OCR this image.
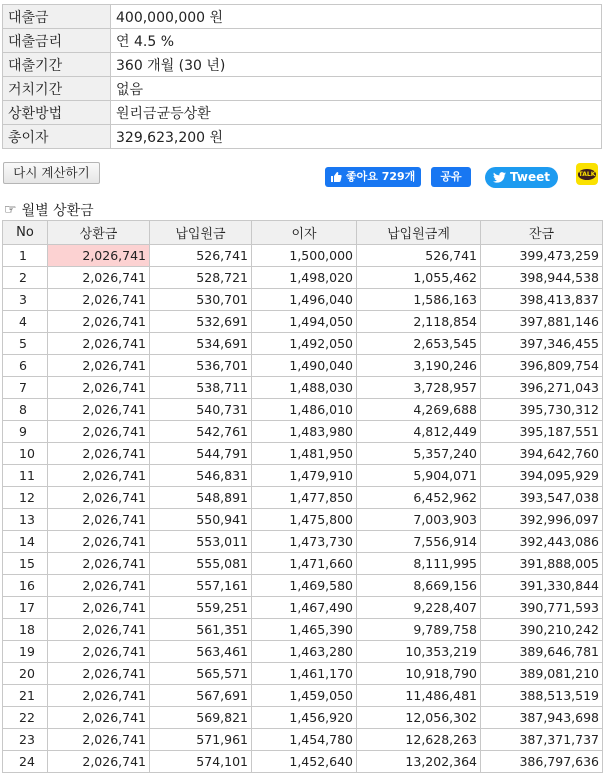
대출금	400,000,000 원
대출금리	연 4.5 %
대출기간	360 개월 (30 년)
거치기간	없음
상환방법	원리금균등상환
총이자	329,623,200 원
다시 계산하기	좋아요 729개	공유	Tweet	TALK
☞ 월별 상환금
No	상환금	납입원금	이자	납입원금계	잔금
1	2,026,741	526,741	1,500,000	526,741	399,473,259
2	2,026,741	528,721	1,498,020	1,055,462	398,944,538
3	2,026,741	530,701	1,496,040	1,586,163	398,413,837
4	2,026,741	532,691	1,494,050	2,118,854	397,881,146
5	2,026,741	534,691	1,492,050	2,653,545	397,346,455
6	2,026,741	536,701	1,490,040	3,190,246	396,809,754
7	2,026,741	538,711	1,488,030	3,728,957	396,271,043
8	2,026,741	540,731	1,486,010	4,269,688	395,730,312
9	2,026,741	542,761	1,483,980	4,812,449	395,187,551
10	2,026,741	544,791	1,481,950	5,357,240	394,642,760
11	2,026,741	546,831	1,479,910	5,904,071	394,095,929
12	2,026,741	548,891	1,477,850	6,452,962	393,547,038
13	2,026,741	550,941	1,475,800	7,003,903	392,996,097
14	2,026,741	553,011	1,473,730	7,556,914	392,443,086
15	2,026,741	555,081	1,471,660	8,111,995	391,888,005
16	2,026,741	557,161	1,469,580	8,669,156	391,330,844
17	2,026,741	559,251	1,467,490	9,228,407	390,771,593
18	2,026,741	561,351	1,465,390	9,789,758	390,210,242
19	2,026,741	563,461	1,463,280	10,353,219	389,646,781
20	2,026,741	565,571	1,461,170	10,918,790	389,081,210
21	2,026,741	567,691	1,459,050	11,486,481	388,513,519
22	2,026,741	569,821	1,456,920	12,056,302	387,943,698
23	2,026,741	571,961	1,454,780	12,628,263	387,371,737
24	2,026,741	574,101	1,452,640	13,202,364	386,797,636
